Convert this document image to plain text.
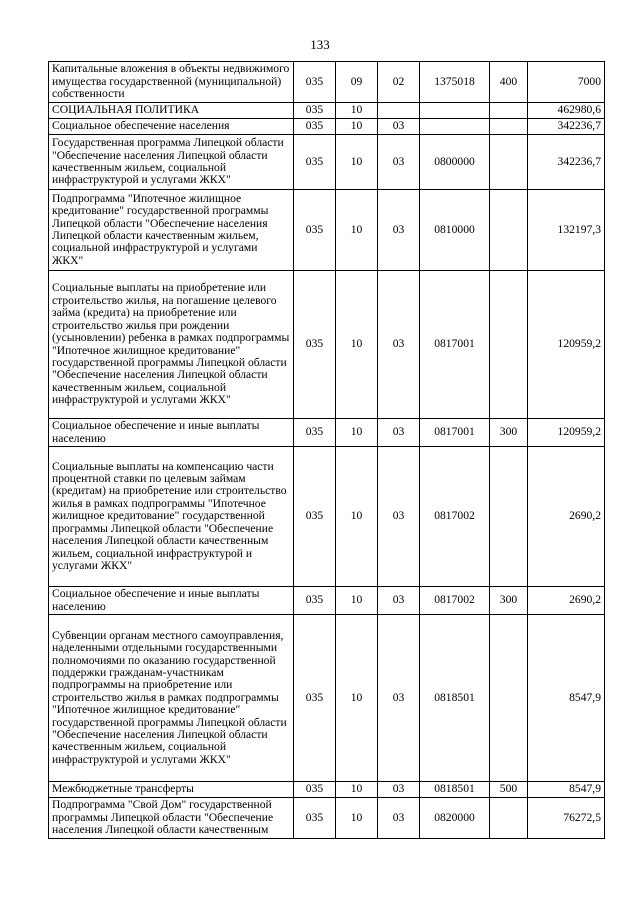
133
Капитальные вложения в объекты недвижимого имущества государственной (муниципальной) собственности	035	09	02	1375018	400	7000
СОЦИАЛЬНАЯ ПОЛИТИКА	035	10				462980,6
Социальное обеспечение населения	035	10	03			342236,7
Государственная программа Липецкой области "Обеспечение населения Липецкой области качественным жильем, социальной инфраструктурой и услугами ЖКХ"	035	10	03	0800000		342236,7
Подпрограмма "Ипотечное жилищное кредитование" государственной программы Липецкой области "Обеспечение населения Липецкой области качественным жильем, социальной инфраструктурой и услугами ЖКХ"	035	10	03	0810000		132197,3
Социальные выплаты на приобретение или строительство жилья, на погашение целевого займа (кредита) на приобретение или строительство жилья при рождении (усыновлении) ребенка в рамках подпрограммы "Ипотечное жилищное кредитование" государственной программы Липецкой области "Обеспечение населения Липецкой области качественным жильем, социальной инфраструктурой и услугами ЖКХ"	035	10	03	0817001		120959,2
Социальное обеспечение и иные выплаты населению	035	10	03	0817001	300	120959,2
Социальные выплаты на компенсацию части процентной ставки по целевым займам (кредитам) на приобретение или строительство жилья в рамках подпрограммы "Ипотечное жилищное кредитование" государственной программы Липецкой области "Обеспечение населения Липецкой области качественным жильем, социальной инфраструктурой и услугами ЖКХ"	035	10	03	0817002		2690,2
Социальное обеспечение и иные выплаты населению	035	10	03	0817002	300	2690,2
Субвенции органам местного самоуправления, наделенными отдельными государственными полномочиями по оказанию государственной поддержки гражданам-участникам подпрограммы на приобретение или строительство жилья в рамках подпрограммы "Ипотечное жилищное кредитование" государственной программы Липецкой области "Обеспечение населения Липецкой области качественным жильем, социальной инфраструктурой и услугами ЖКХ"	035	10	03	0818501		8547,9
Межбюджетные трансферты	035	10	03	0818501	500	8547,9
Подпрограмма "Свой Дом" государственной программы Липецкой области "Обеспечение населения Липецкой области качественным	035	10	03	0820000		76272,5
